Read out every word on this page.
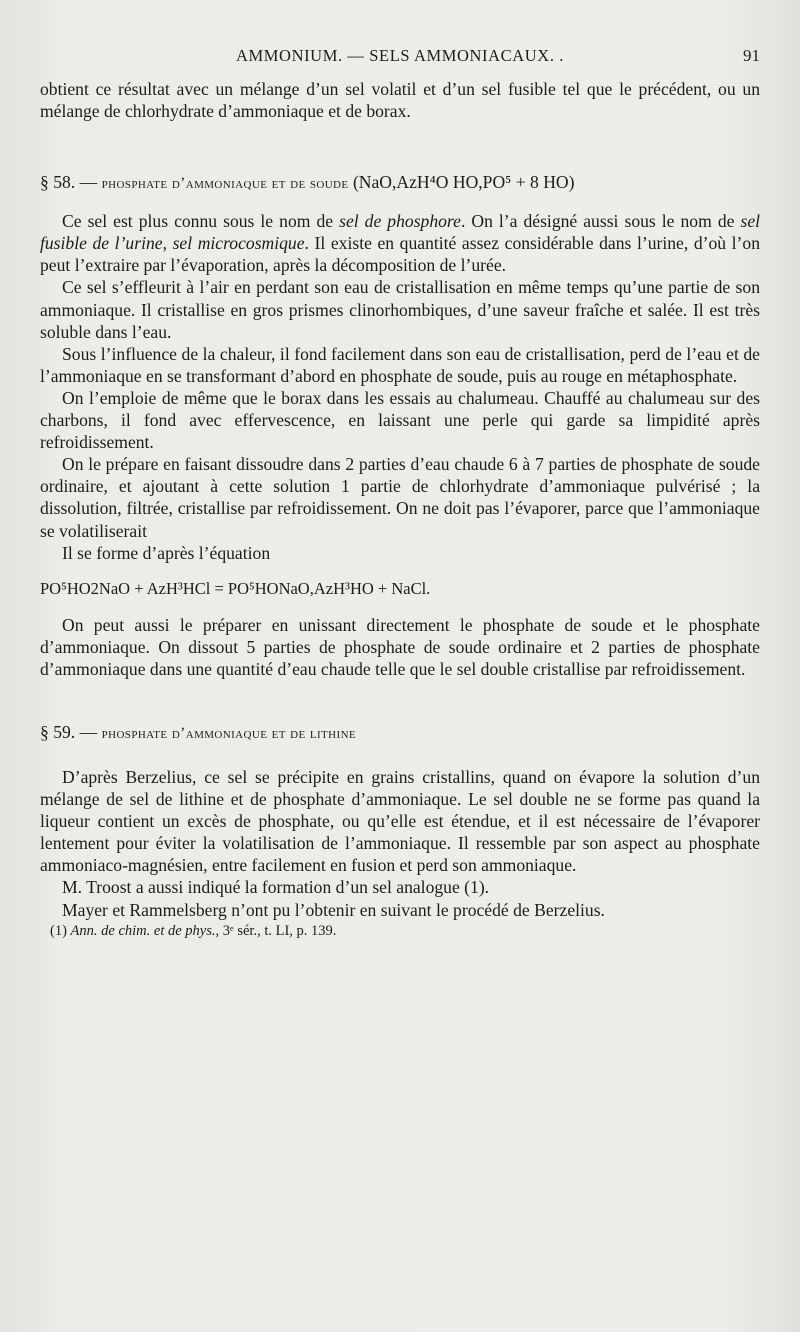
AMMONIUM. — SELS AMMONIACAUX. .	91

obtient ce résultat avec un mélange d’un sel volatil et d’un sel fusible tel que le précédent, ou un mélange de chlorhydrate d’ammoniaque et de borax.

§ 58. — phosphate d’ammoniaque et de soude (NaO,AzH⁴O HO,PO⁵ + 8 HO)

Ce sel est plus connu sous le nom de sel de phosphore. On l’a désigné aussi sous le nom de sel fusible de l’urine, sel microcosmique. Il existe en quantité assez considérable dans l’urine, d’où l’on peut l’extraire par l’évaporation, après la décomposition de l’urée.

Ce sel s’effleurit à l’air en perdant son eau de cristallisation en même temps qu’une partie de son ammoniaque. Il cristallise en gros prismes clinorhombiques, d’une saveur fraîche et salée. Il est très soluble dans l’eau.

Sous l’influence de la chaleur, il fond facilement dans son eau de cristallisation, perd de l’eau et de l’ammoniaque en se transformant d’abord en phosphate de soude, puis au rouge en métaphosphate.

On l’emploie de même que le borax dans les essais au chalumeau. Chauffé au chalumeau sur des charbons, il fond avec effervescence, en laissant une perle qui garde sa limpidité après refroidissement.

On le prépare en faisant dissoudre dans 2 parties d’eau chaude 6 à 7 parties de phosphate de soude ordinaire, et ajoutant à cette solution 1 partie de chlorhydrate d’ammoniaque pulvérisé ; la dissolution, filtrée, cristallise par refroidissement. On ne doit pas l’évaporer, parce que l’ammoniaque se volatiliserait

Il se forme d’après l’équation

PO⁵HO2NaO + AzH³HCl = PO⁵HONaO,AzH³HO + NaCl.

On peut aussi le préparer en unissant directement le phosphate de soude et le phosphate d’ammoniaque. On dissout 5 parties de phosphate de soude ordinaire et 2 parties de phosphate d’ammoniaque dans une quantité d’eau chaude telle que le sel double cristallise par refroidissement.

§ 59. — phosphate d’ammoniaque et de lithine

D’après Berzelius, ce sel se précipite en grains cristallins, quand on évapore la solution d’un mélange de sel de lithine et de phosphate d’ammoniaque. Le sel double ne se forme pas quand la liqueur contient un excès de phosphate, ou qu’elle est étendue, et il est nécessaire de l’évaporer lentement pour éviter la volatilisation de l’ammoniaque. Il ressemble par son aspect au phosphate ammoniaco-magnésien, entre facilement en fusion et perd son ammoniaque.

M. Troost a aussi indiqué la formation d’un sel analogue (1).

Mayer et Rammelsberg n’ont pu l’obtenir en suivant le procédé de Berzelius.

(1) Ann. de chim. et de phys., 3ᵉ sér., t. LI, p. 139.
